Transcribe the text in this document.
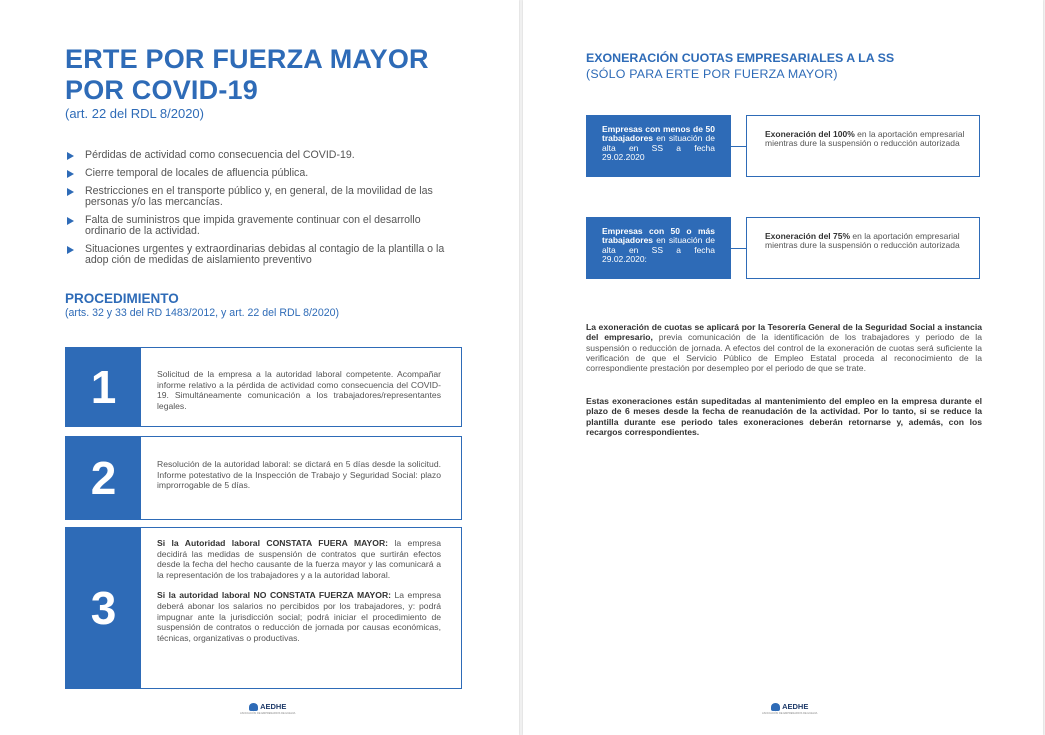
ERTE POR FUERZA MAYOR
POR COVID-19

(art. 22 del RDL 8/2020)

Pérdidas de actividad como consecuencia del COVID-19.
Cierre temporal de locales de afluencia pública.
Restricciones en el transporte público y, en general, de la movilidad de las personas y/o las mercancías.
Falta de suministros que impida gravemente continuar con el desarrollo ordinario de la actividad.
Situaciones urgentes y extraordinarias debidas al contagio de la plantilla o la adop ción de medidas de aislamiento preventivo
PROCEDIMIENTO

(arts. 32 y 33 del RD 1483/2012, y art. 22 del RDL 8/2020)

1	Solicitud de la empresa a la autoridad laboral competente. Acompañar informe relativo a la pérdida de actividad como consecuencia del COVID-19. Simultáneamente comunicación a los trabajadores/representantes legales.

2	Resolución de la autoridad laboral: se dictará en 5 días desde la solicitud. Informe potestativo de la Inspección de Trabajo y Seguridad Social: plazo improrrogable de 5 días.

3

Si la Autoridad laboral CONSTATA FUERA MAYOR: la empresa decidirá las medidas de suspensión de contratos que surtirán efectos desde la fecha del hecho causante de la fuerza mayor y las comunicará a la representación de los trabajadores y a la autoridad laboral.

Si la autoridad laboral NO CONSTATA FUERZA MAYOR: La empresa deberá abonar los salarios no percibidos por los trabajadores, y: podrá impugnar ante la jurisdicción social; podrá iniciar el procedimiento de suspensión de contratos o reducción de jornada por causas económicas, técnicas, organizativas o productivas.

AEDHE
ASOCIACIÓN DE EMPRESARIOS DE HUELVA
EXONERACIÓN CUOTAS EMPRESARIALES A LA SS

(SÓLO PARA ERTE POR FUERZA MAYOR)

Empresas con menos de 50 trabajadores en situación de alta en SS a fecha 29.02.2020
Exoneración del 100% en la aportación empresarial mientras dure la suspensión o reducción autorizada
Empresas con 50 o más trabajadores en situación de alta en SS a fecha 29.02.2020:
Exoneración del 75% en la aportación empresarial mientras dure la suspensión o reducción autorizada

La exoneración de cuotas se aplicará por la Tesorería General de la Seguridad Social a instancia del empresario, previa comunicación de la identificación de los trabajadores y periodo de la suspensión o reducción de jornada. A efectos del control de la exoneración de cuotas será suficiente la verificación de que el Servicio Público de Empleo Estatal proceda al reconocimiento de la correspondiente prestación por desempleo por el periodo de que se trate.

Estas exoneraciones están supeditadas al mantenimiento del empleo en la empresa durante el plazo de 6 meses desde la fecha de reanudación de la actividad. Por lo tanto, si se reduce la plantilla durante ese periodo tales exoneraciones deberán retornarse y, además, con los recargos correspondientes.

AEDHE
ASOCIACIÓN DE EMPRESARIOS DE HUELVA
